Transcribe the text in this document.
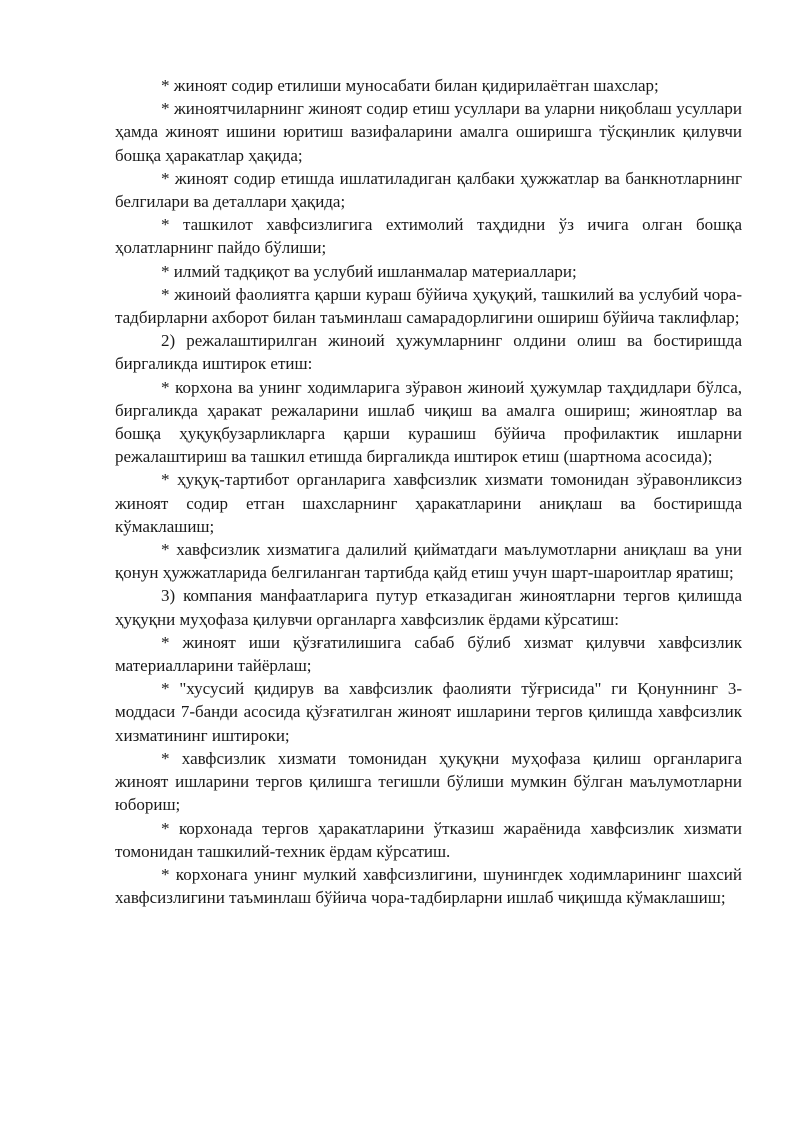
* жиноят содир етилиши муносабати билан қидирилаётган шахслар;

* жиноятчиларнинг жиноят содир етиш усуллари ва уларни ниқоблаш усуллари ҳамда жиноят ишини юритиш вазифаларини амалга оширишга тўсқинлик қилувчи бошқа ҳаракатлар ҳақида;

* жиноят содир етишда ишлатиладиган қалбаки ҳужжатлар ва банкнотларнинг белгилари ва деталлари ҳақида;

* ташкилот хавфсизлигига ехтимолий таҳдидни ўз ичига олган бошқа ҳолатларнинг пайдо бўлиши;

* илмий тадқиқот ва услубий ишланмалар материаллари;

* жиноий фаолиятга қарши кураш бўйича ҳуқуқий, ташкилий ва услубий чора-тадбирларни ахборот билан таъминлаш самарадорлигини ошириш бўйича таклифлар;

2) режалаштирилган жиноий ҳужумларнинг олдини олиш ва бостиришда биргаликда иштирок етиш:

* корхона ва унинг ходимларига зўравон жиноий ҳужумлар таҳдидлари бўлса, биргаликда ҳаракат режаларини ишлаб чиқиш ва амалга ошириш; жиноятлар ва бошқа ҳуқуқбузарликларга қарши курашиш бўйича профилактик ишларни режалаштириш ва ташкил етишда биргаликда иштирок етиш (шартнома асосида);

* ҳуқуқ-тартибот органларига хавфсизлик хизмати томонидан зўравонликсиз жиноят содир етган шахсларнинг ҳаракатларини аниқлаш ва бостиришда кўмаклашиш;

* хавфсизлик хизматига далилий қийматдаги маълумотларни аниқлаш ва уни қонун ҳужжатларида белгиланган тартибда қайд етиш учун шарт-шароитлар яратиш;

3) компания манфаатларига путур етказадиган жиноятларни тергов қилишда ҳуқуқни муҳофаза қилувчи органларга хавфсизлик ёрдами кўрсатиш:

* жиноят иши қўзғатилишига сабаб бўлиб хизмат қилувчи хавфсизлик материалларини тайёрлаш;

* "хусусий қидирув ва хавфсизлик фаолияти тўғрисида" ги Қонуннинг 3-моддаси 7-банди асосида қўзғатилган жиноят ишларини тергов қилишда хавфсизлик хизматининг иштироки;

* хавфсизлик хизмати томонидан ҳуқуқни муҳофаза қилиш органларига жиноят ишларини тергов қилишга тегишли бўлиши мумкин бўлган маълумотларни юбориш;

* корхонада тергов ҳаракатларини ўтказиш жараёнида хавфсизлик хизмати томонидан ташкилий-техник ёрдам кўрсатиш.

* корхонага унинг мулкий хавфсизлигини, шунингдек ходимларининг шахсий хавфсизлигини таъминлаш бўйича чора-тадбирларни ишлаб чиқишда кўмаклашиш;
